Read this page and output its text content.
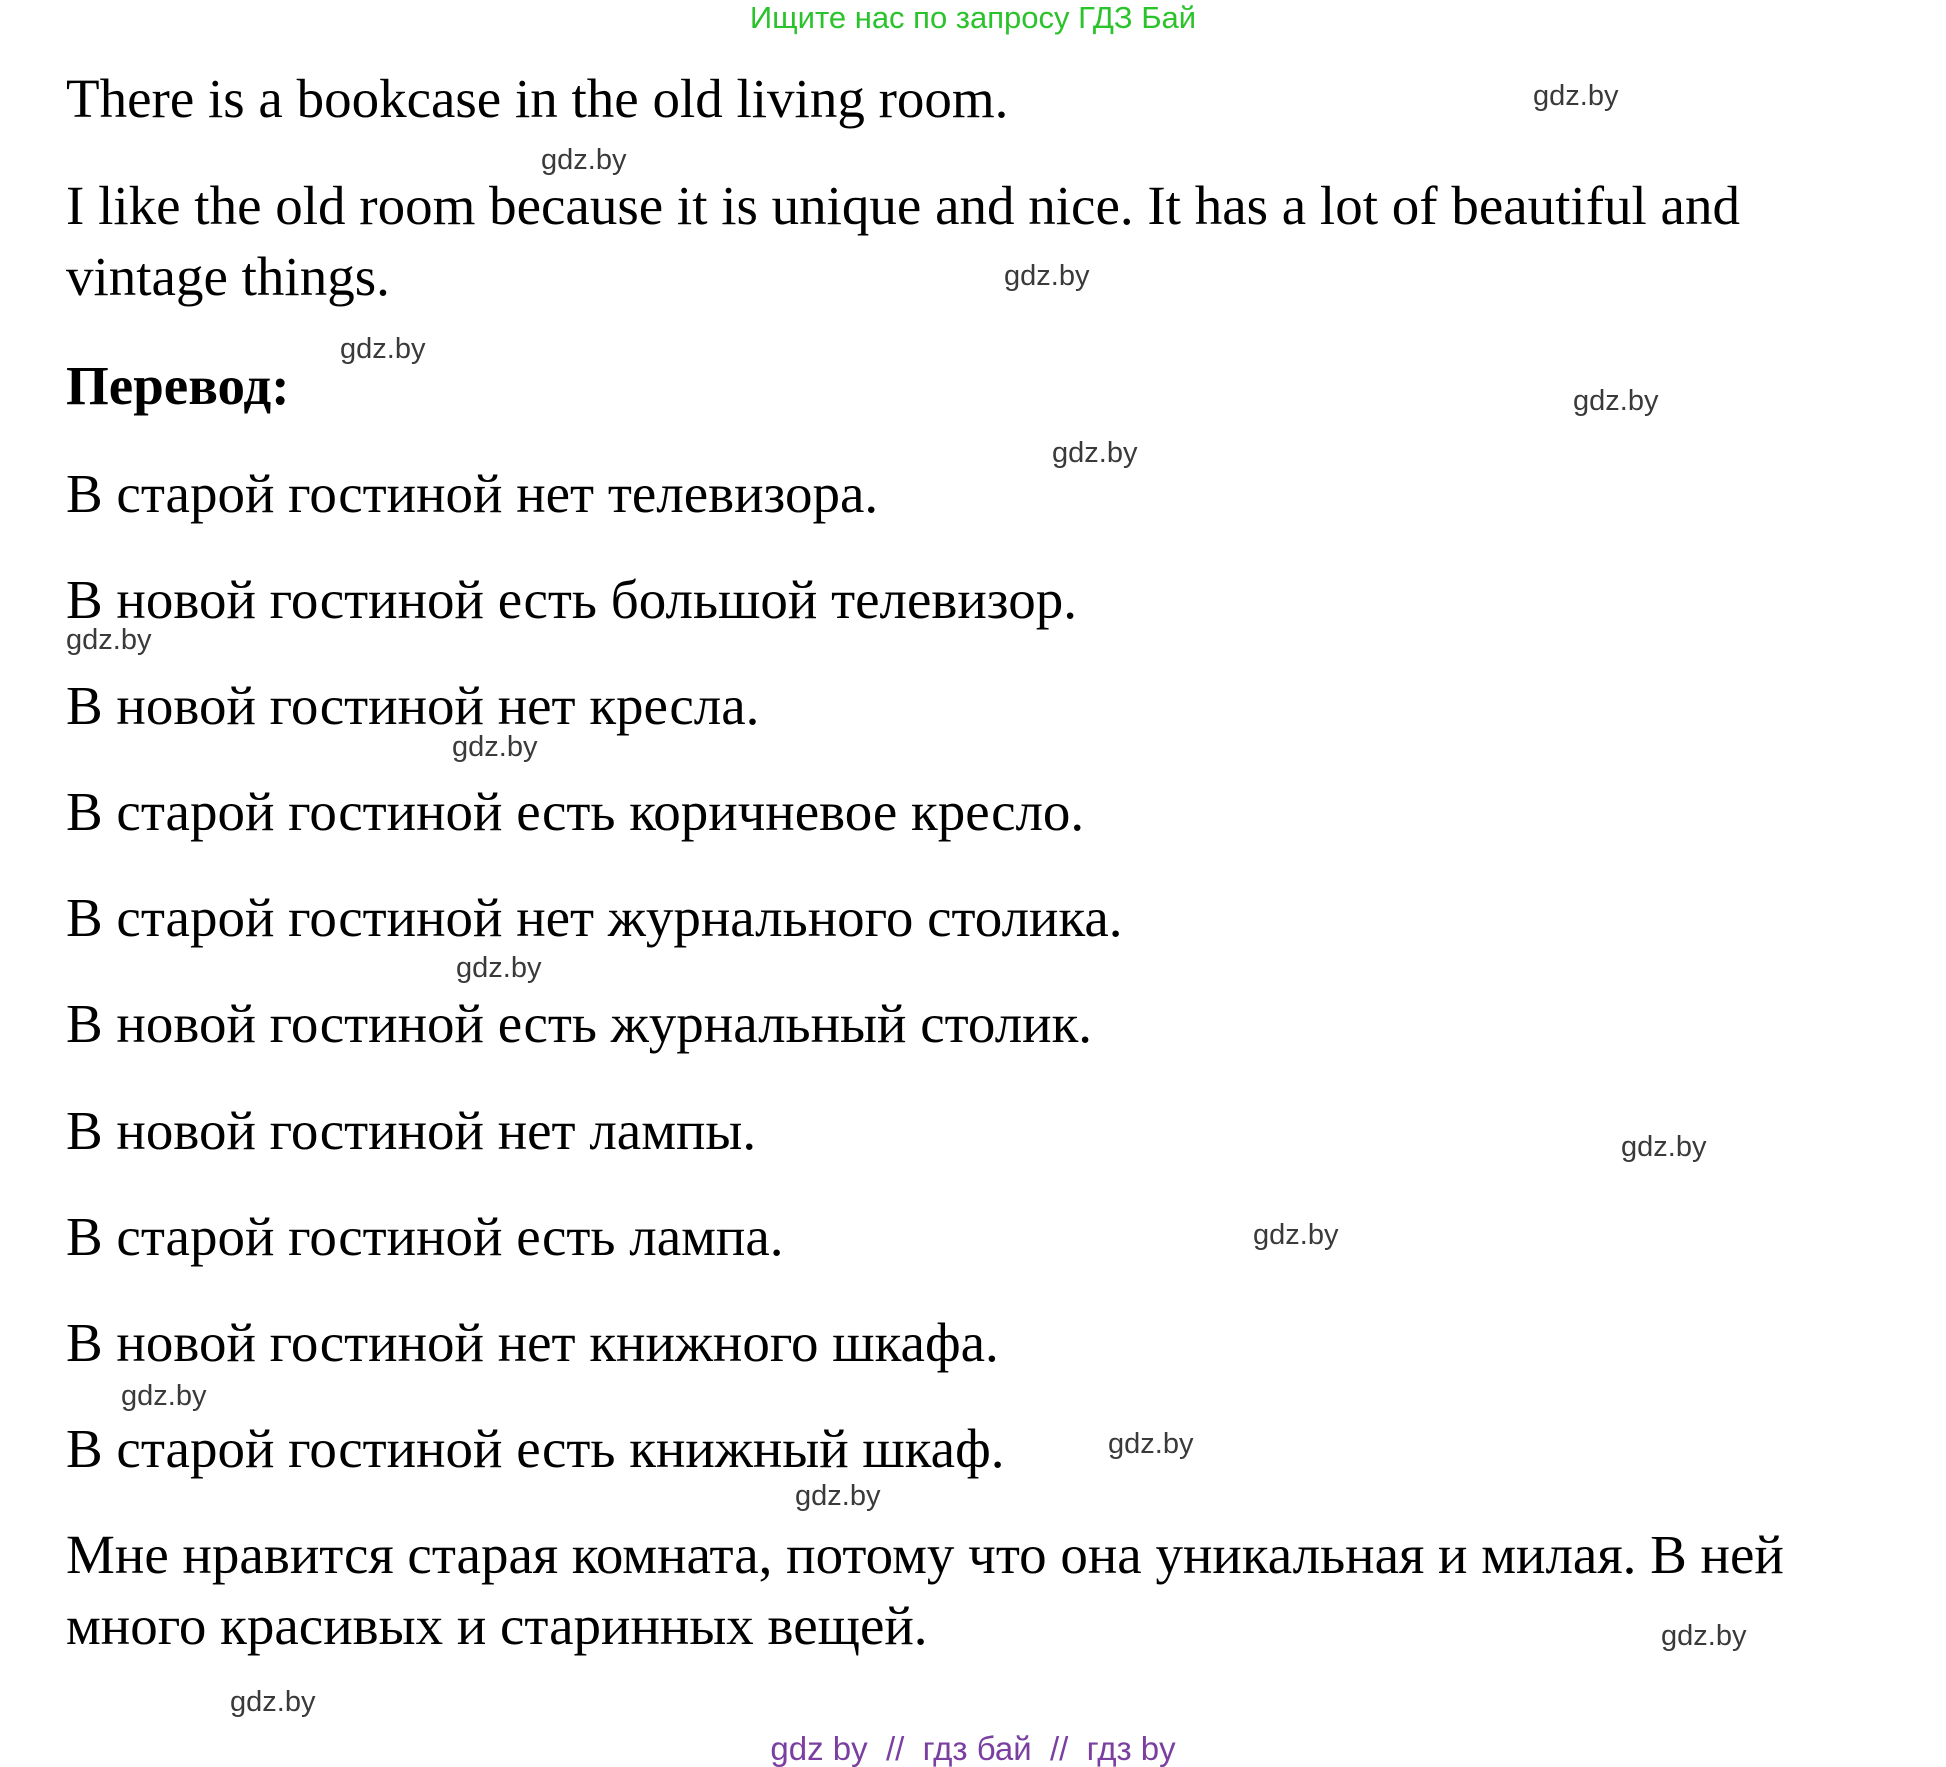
Ищите нас по запросу ГДЗ Бай
There is a bookcase in the old living room.
I like the old room because it is unique and nice. It has a lot of beautiful and
vintage things.
Перевод:
В старой гостиной нет телевизора.
В новой гостиной есть большой телевизор.
В новой гостиной нет кресла.
В старой гостиной есть коричневое кресло.
В старой гостиной нет журнального столика.
В новой гостиной есть журнальный столик.
В новой гостиной нет лампы.
В старой гостиной есть лампа.
В новой гостиной нет книжного шкафа.
В старой гостиной есть книжный шкаф.
Мне нравится старая комната, потому что она уникальная и милая. В ней
много красивых и старинных вещей.
gdz.by
gdz.by
gdz.by
gdz.by
gdz.by
gdz.by
gdz.by
gdz.by
gdz.by
gdz.by
gdz.by
gdz.by
gdz.by
gdz.by
gdz.by
gdz.by
gdz by  //  гдз бай  //  гдз by
